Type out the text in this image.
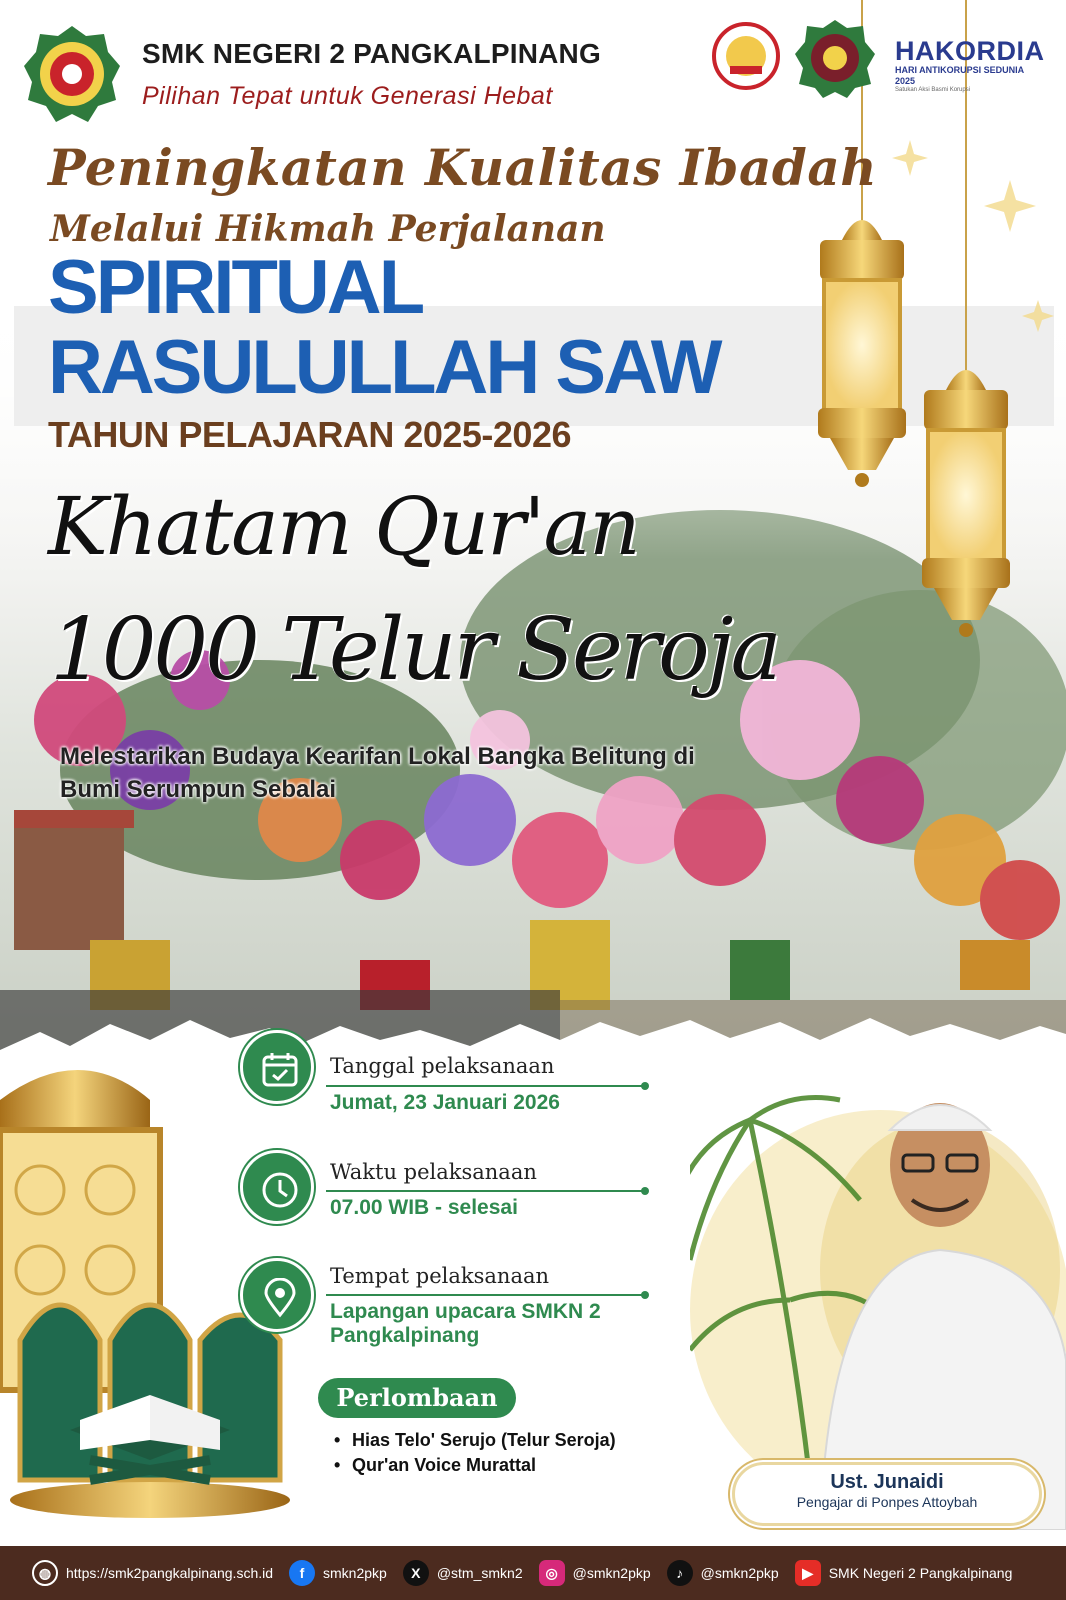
SMK NEGERI 2 PANGKALPINANG
Pilihan Tepat untuk Generasi Hebat
HAKORDIA
HARI ANTIKORUPSI SEDUNIA 2025
Satukan Aksi Basmi Korupsi
Peningkatan Kualitas Ibadah
Melalui Hikmah Perjalanan
SPIRITUAL
RASULULLAH SAW
TAHUN PELAJARAN 2025-2026
Khatam Qur'an
1000 Telur Seroja
Melestarikan Budaya Kearifan Lokal Bangka Belitung di Bumi Serumpun Sebalai
Tanggal pelaksanaan
Jumat, 23 Januari 2026
Waktu pelaksanaan
07.00 WIB - selesai
Tempat pelaksanaan
Lapangan upacara SMKN 2
Pangkalpinang
Perlombaan
• Hias Telo' Serujo (Telur Seroja)
• Qur'an Voice Murattal
Ust. Junaidi
Pengajar di Ponpes Attoybah
◍	https://smk2pangkalpinang.sch.id	f	smkn2pkp	X	@stm_smkn2	◎	@smkn2pkp	♪	@smkn2pkp	▶	SMK Negeri 2 Pangkalpinang
